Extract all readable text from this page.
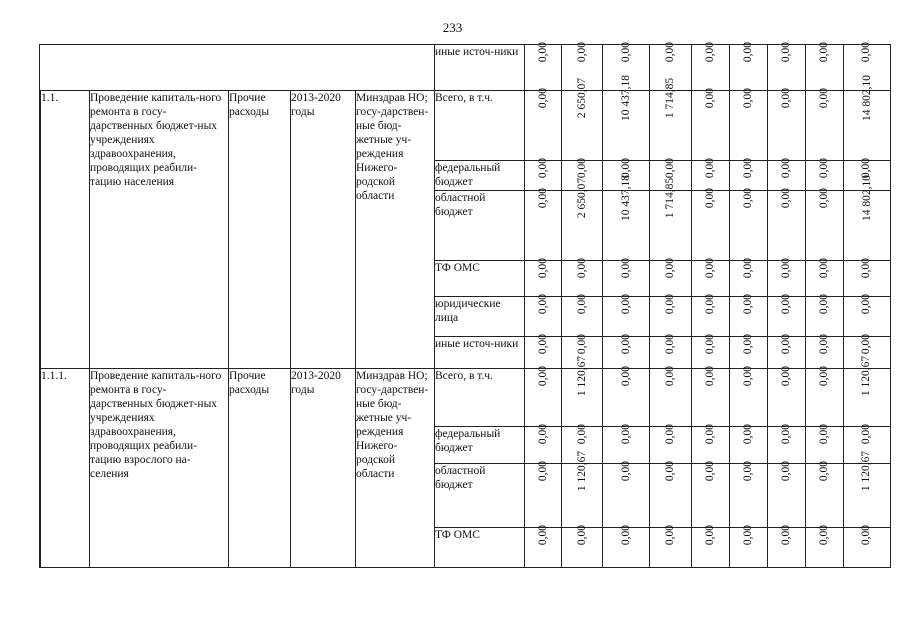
233
					иные источ-ники	0,00	0,00	0,00	0,00	0,00	0,00	0,00	0,00	0,00
	1.1.	Проведение капиталь-ного ремонта в госу-дарственных бюджет-ных учреждениях здравоохранения, проводящих реабили-тацию населения	Прочие расходы	2013-2020 годы	Минздрав НО; госу-дарствен-ные бюд-жетные уч-реждения Нижего-родской области	Всего, в т.ч.	0,00	2 650,07	10 437,18	1 714,85	0,00	0,00	0,00	0,00	14 802,10
					федеральный бюджет	0,00	0,00	0,00	0,00	0,00	0,00	0,00	0,00	0,00
					областной бюджет	0,00	2 650,07	10 437,18	1 714,85	0,00	0,00	0,00	0,00	14 802,10
					ТФ ОМС	0,00	0,00	0,00	0,00	0,00	0,00	0,00	0,00	0,00
					юридические лица	0,00	0,00	0,00	0,00	0,00	0,00	0,00	0,00	0,00
					иные источ-ники	0,00	0,00	0,00	0,00	0,00	0,00	0,00	0,00	0,00
	1.1.1.	Проведение капиталь-ного ремонта в госу-дарственных бюджет-ных учреждениях здравоохранения, проводящих реабили-тацию взрослого на-селения	Прочие расходы	2013-2020 годы	Минздрав НО; госу-дарствен-ные бюд-жетные уч-реждения Нижего-родской области	Всего, в т.ч.	0,00	1 120,67	0,00	0,00	0,00	0,00	0,00	0,00	1 120,67
					федеральный бюджет	0,00	0,00	0,00	0,00	0,00	0,00	0,00	0,00	0,00
					областной бюджет	0,00	1 120,67	0,00	0,00	0,00	0,00	0,00	0,00	1 120,67
					ТФ ОМС	0,00	0,00	0,00	0,00	0,00	0,00	0,00	0,00	0,00
